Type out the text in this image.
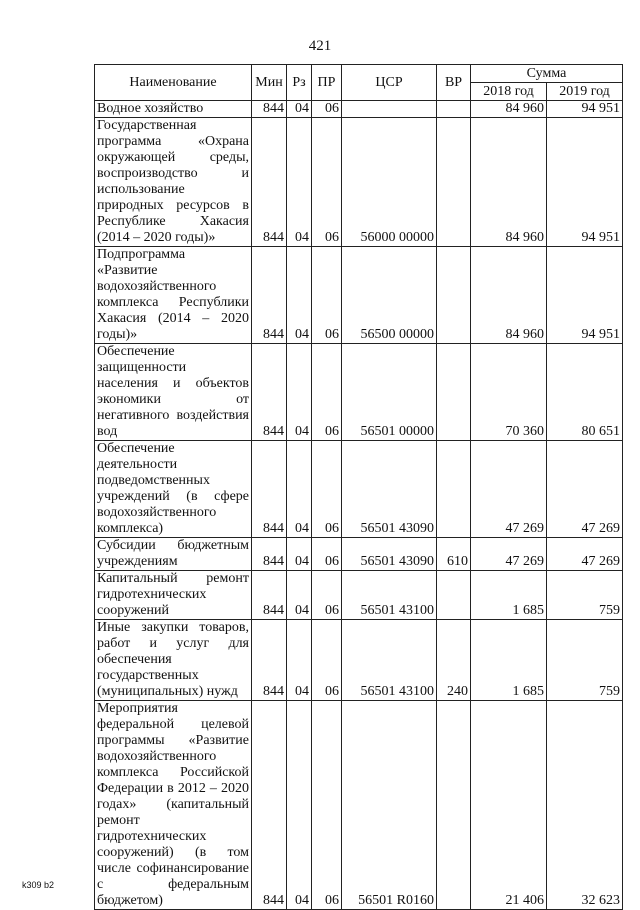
421
Наименование	Мин	Рз	ПР	ЦСР	ВР	Сумма	
						2018 год	2019 год
Водное хозяйство	844	04	06			84 960	94 951
Государственная программа «Охрана окружающей среды, воспроизводство и использование природных ресурсов в Республике Хакасия (2014 – 2020 годы)»	844	04	06	56000 00000		84 960	94 951
Подпрограмма «Развитие водохозяйственного комплекса Республики Хакасия (2014 – 2020 годы)»	844	04	06	56500 00000		84 960	94 951
Обеспечение защищенности населения и объектов экономики от негативного воздействия вод	844	04	06	56501 00000		70 360	80 651
Обеспечение деятельности подведомственных учреждений (в сфере водохозяйственного комплекса)	844	04	06	56501 43090		47 269	47 269
Субсидии бюджетным учреждениям	844	04	06	56501 43090	610	47 269	47 269
Капитальный ремонт гидротехнических сооружений	844	04	06	56501 43100		1 685	759
Иные закупки товаров, работ и услуг для обеспечения государственных (муниципальных) нужд	844	04	06	56501 43100	240	1 685	759
Мероприятия федеральной целевой программы «Развитие водохозяйственного комплекса Российской Федерации в 2012 – 2020 годах» (капитальный ремонт гидротехнических сооружений) (в том числе софинансирование с федеральным бюджетом)	844	04	06	56501 R0160		21 406	32 623
k309 b2
